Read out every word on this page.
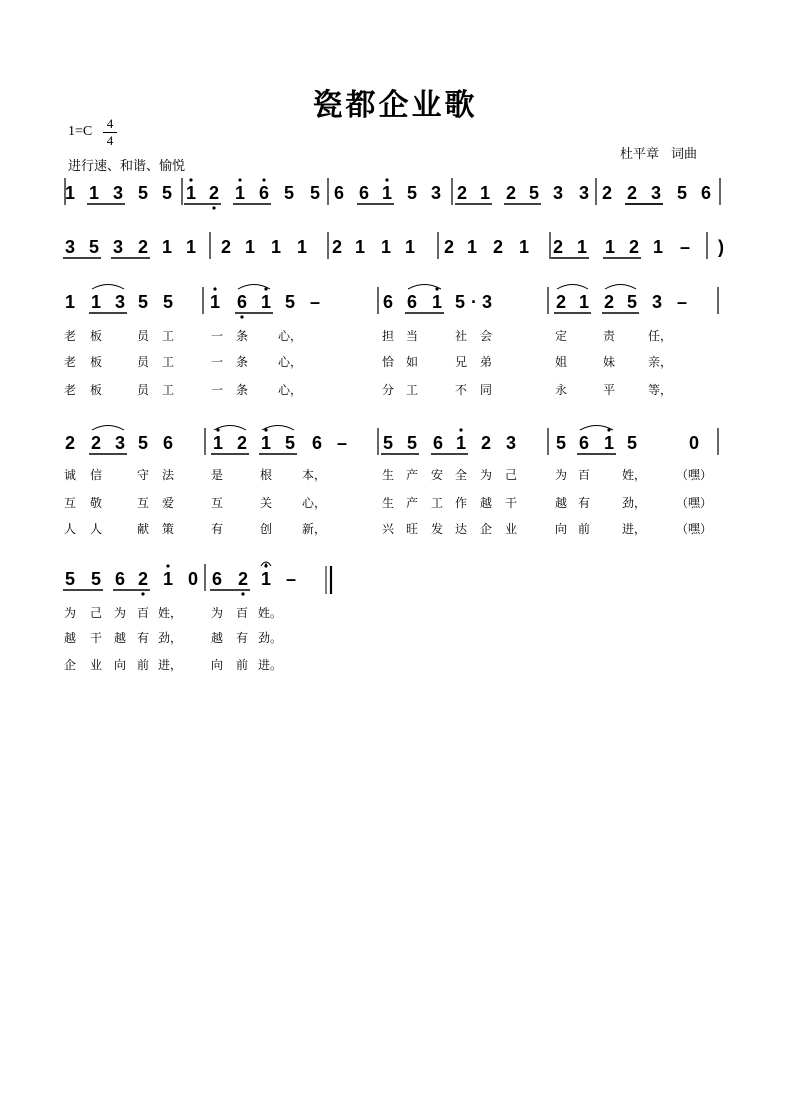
瓷都企业歌
1=C
4
4
进行速、和谐、愉悦
杜平章 词曲
1 1 3 5 5 1 2 1 6 5 5 6 6 1 5 3 2 1 2 5 3 3 2 2 3 5 6
3 5 3 2 1 1 2 1 1 1 2 1 1 1 2 1 2 1 2 1 1 2 1 – )
1 1 3 5 5 1 6 1 5 –	6 6 1 5 · 3	2 1 2 5 3 –
老 板	员 工	一 条 心，	担 当	社 会	定	责	任，
老 板	员 工	一 条 心，	恰 如	兄 弟	姐	妹	亲，
老 板	员 工	一 条 心，	分 工	不 同	永	平	等，
2 2 3 5 6 1 2 1 5 6 – 5 5 6 1 2 3 5 6 1 5	0
诚 信	守 法	是	根 本，	生 产 安 全 为 己	为 百	姓， （嘿）
互 敬	互 爱	互	关 心，	生 产 工 作 越 干	越 有	劲， （嘿）
人 人	献 策	有	创 新，	兴 旺 发 达 企 业	向 前	进， （嘿）
5 5 6 2 1 0 6 2 1 –
为 己 为 百 姓， 为 百 姓。
越 干 越 有 劲， 越 有 劲。
企 业 向 前 进， 向 前 进。
